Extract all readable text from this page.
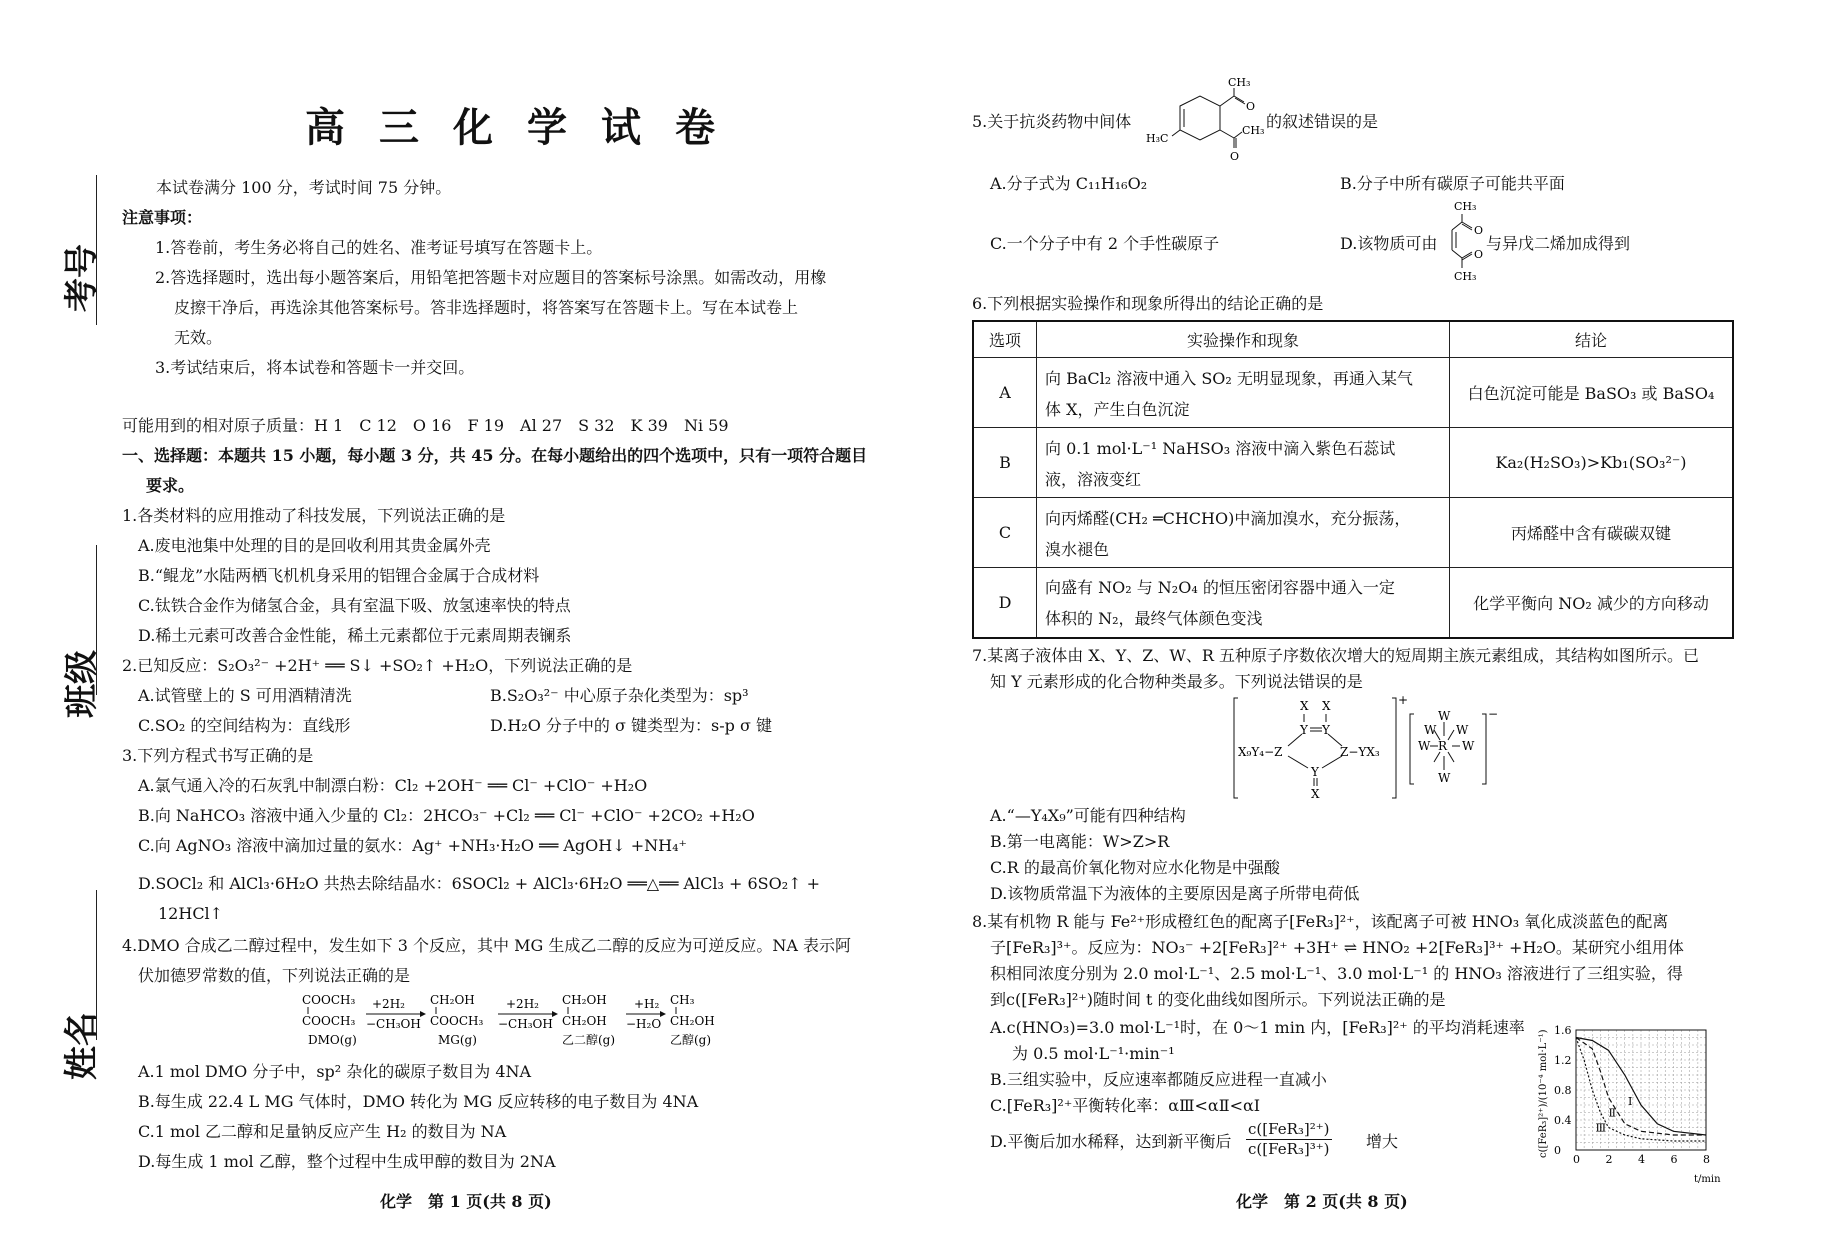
考号
班级
姓名
高三化学试卷
本试卷满分 100 分，考试时间 75 分钟。
注意事项：
1.答卷前，考生务必将自己的姓名、准考证号填写在答题卡上。
2.答选择题时，选出每小题答案后，用铅笔把答题卡对应题目的答案标号涂黑。如需改动，用橡
皮擦干净后，再选涂其他答案标号。答非选择题时，将答案写在答题卡上。写在本试卷上
无效。
3.考试结束后，将本试卷和答题卡一并交回。
可能用到的相对原子质量：H 1　C 12　O 16　F 19　Al 27　S 32　K 39　Ni 59
一、选择题：本题共 15 小题，每小题 3 分，共 45 分。在每小题给出的四个选项中，只有一项符合题目
要求。
1.各类材料的应用推动了科技发展，下列说法正确的是
A.废电池集中处理的目的是回收利用其贵金属外壳
B.“鲲龙”水陆两栖飞机机身采用的铝锂合金属于合成材料
C.钛铁合金作为储氢合金，具有室温下吸、放氢速率快的特点
D.稀土元素可改善合金性能，稀土元素都位于元素周期表镧系
2.已知反应：S₂O₃²⁻ +2H⁺ ══ S↓ +SO₂↑ +H₂O，下列说法正确的是
A.试管壁上的 S 可用酒精清洗	B.S₂O₃²⁻ 中心原子杂化类型为：sp³
C.SO₂ 的空间结构为：直线形	D.H₂O 分子中的 σ 键类型为：s-p σ 键
3.下列方程式书写正确的是
A.氯气通入冷的石灰乳中制漂白粉：Cl₂ +2OH⁻ ══ Cl⁻ +ClO⁻ +H₂O
B.向 NaHCO₃ 溶液中通入少量的 Cl₂：2HCO₃⁻ +Cl₂ ══ Cl⁻ +ClO⁻ +2CO₂ +H₂O
C.向 AgNO₃ 溶液中滴加过量的氨水：Ag⁺ +NH₃·H₂O ══ AgOH↓ +NH₄⁺
D.SOCl₂ 和 AlCl₃·6H₂O 共热去除结晶水：6SOCl₂ + AlCl₃·6H₂O ══△══ AlCl₃ + 6SO₂↑ +
12HCl↑
4.DMO 合成乙二醇过程中，发生如下 3 个反应，其中 MG 生成乙二醇的反应为可逆反应。NA 表示阿
伏加德罗常数的值，下列说法正确的是
COOCH₃
COOCH₃
DMO(g)
+2H₂
−CH₃OH
CH₂OH
COOCH₃
MG(g)
+2H₂
−CH₃OH
CH₂OH
CH₂OH
乙二醇(g)
+H₂
−H₂O
CH₃
CH₂OH
乙醇(g)
A.1 mol DMO 分子中，sp² 杂化的碳原子数目为 4NA
B.每生成 22.4 L MG 气体时，DMO 转化为 MG 反应转移的电子数目为 4NA
C.1 mol 乙二醇和足量钠反应产生 H₂ 的数目为 NA
D.每生成 1 mol 乙醇，整个过程中生成甲醇的数目为 2NA
化学　第 1 页(共 8 页)
5.关于抗炎药物中间体
CH₃
O
H₃C
CH₃
O
的叙述错误的是
A.分子式为 C₁₁H₁₆O₂	B.分子中所有碳原子可能共平面
C.一个分子中有 2 个手性碳原子	D.该物质可由
CH₃
O
O
CH₃
与异戊二烯加成得到
6.下列根据实验操作和现象所得出的结论正确的是
选项	实验操作和现象	结论
A	向 BaCl₂ 溶液中通入 SO₂ 无明显现象，再通入某气
体 X，产生白色沉淀	白色沉淀可能是 BaSO₃ 或 BaSO₄
B	向 0.1 mol·L⁻¹ NaHSO₃ 溶液中滴入紫色石蕊试
液，溶液变红	Ka₂(H₂SO₃)>Kb₁(SO₃²⁻)
C	向丙烯醛(CH₂ ═CHCHO)中滴加溴水，充分振荡，
溴水褪色	丙烯醛中含有碳碳双键
D	向盛有 NO₂ 与 N₂O₄ 的恒压密闭容器中通入一定
体积的 N₂，最终气体颜色变浅	化学平衡向 NO₂ 减少的方向移动
7.某离子液体由 X、Y、Z、W、R 五种原子序数依次增大的短周期主族元素组成，其结构如图所示。已
知 Y 元素形成的化合物种类最多。下列说法错误的是
X X
Y Y
X₉Y₄−Z	Z−YX₃
Y
X
+
−
W
W R W
W
W W
A.“—Y₄X₉”可能有四种结构
B.第一电离能：W>Z>R
C.R 的最高价氧化物对应水化物是中强酸
D.该物质常温下为液体的主要原因是离子所带电荷低
8.某有机物 R 能与 Fe²⁺形成橙红色的配离子[FeR₃]²⁺，该配离子可被 HNO₃ 氧化成淡蓝色的配离
子[FeR₃]³⁺。反应为：NO₃⁻ +2[FeR₃]²⁺ +3H⁺ ⇌ HNO₂ +2[FeR₃]³⁺ +H₂O。某研究小组用体
积相同浓度分别为 2.0 mol·L⁻¹、2.5 mol·L⁻¹、3.0 mol·L⁻¹ 的 HNO₃ 溶液进行了三组实验，得
到c([FeR₃]²⁺)随时间 t 的变化曲线如图所示。下列说法正确的是
A.c(HNO₃)=3.0 mol·L⁻¹时，在 0～1 min 内，[FeR₃]²⁺ 的平均消耗速率
为 0.5 mol·L⁻¹·min⁻¹
B.三组实验中，反应速率都随反应进程一直减小
C.[FeR₃]²⁺平衡转化率：αⅢ<αⅡ<αⅠ
D.平衡后加水稀释，达到新平衡后
c([FeR₃]²⁺)
c([FeR₃]³⁺) 增大
0 2 4 6 8
0
0.4
0.8
1.2
1.6
Ⅰ
Ⅱ
Ⅲ
c([FeR₃]²⁺)/(10⁻⁴ mol·L⁻¹)
t/min
化学　第 2 页(共 8 页)
